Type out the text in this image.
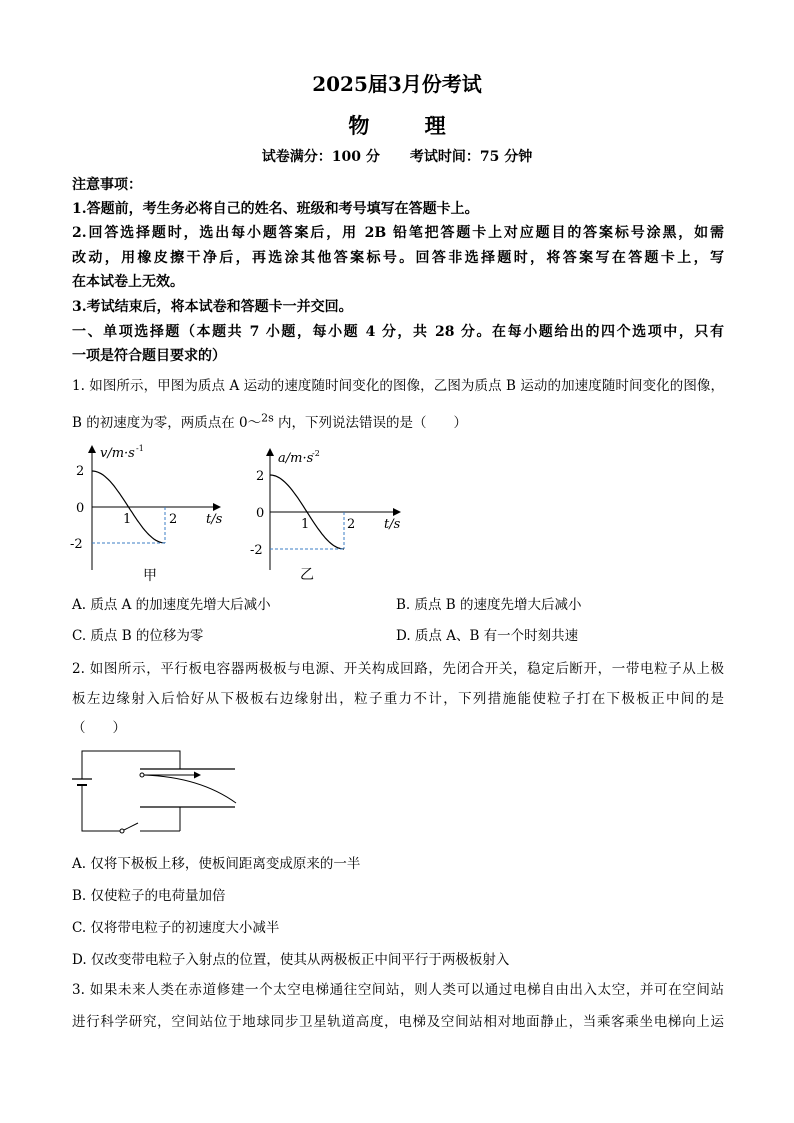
2025届3月份考试
物 理
试卷满分：100 分 考试时间：75 分钟
注意事项：
1.答题前，考生务必将自己的姓名、班级和考号填写在答题卡上。
2.回答选择题时，选出每小题答案后，用 2B 铅笔把答题卡上对应题目的答案标号涂黑，如需
改动，用橡皮擦干净后，再选涂其他答案标号。回答非选择题时，将答案写在答题卡上，写
在本试卷上无效。
3.考试结束后，将本试卷和答题卡一并交回。
一、单项选择题（本题共 7 小题，每小题 4 分，共 28 分。在每小题给出的四个选项中，只有
一项是符合题目要求的）
1. 如图所示，甲图为质点 A 运动的速度随时间变化的图像，乙图为质点 B 运动的加速度随时间变化的图像，
B 的初速度为零，两质点在 0～$^{2s}$ 内，下列说法错误的是（　　）
v/m·s -1
2
0
-2
1	2 t/s
甲
a/m·s
-2
2
0
-2
1	2 t/s
乙
A. 质点 A 的加速度先增大后减小	B. 质点 B 的速度先增大后减小
C. 质点 B 的位移为零	D. 质点 A、B 有一个时刻共速
2. 如图所示，平行板电容器两极板与电源、开关构成回路，先闭合开关，稳定后断开，一带电粒子从上极
板左边缘射入后恰好从下极板右边缘射出，粒子重力不计，下列措施能使粒子打在下极板正中间的是
（　　）
A. 仅将下极板上移，使板间距离变成原来的一半
B. 仅使粒子的电荷量加倍
C. 仅将带电粒子的初速度大小减半
D. 仅改变带电粒子入射点的位置，使其从两极板正中间平行于两极板射入
3. 如果未来人类在赤道修建一个太空电梯通往空间站，则人类可以通过电梯自由出入太空，并可在空间站
进行科学研究，空间站位于地球同步卫星轨道高度，电梯及空间站相对地面静止，当乘客乘坐电梯向上运
